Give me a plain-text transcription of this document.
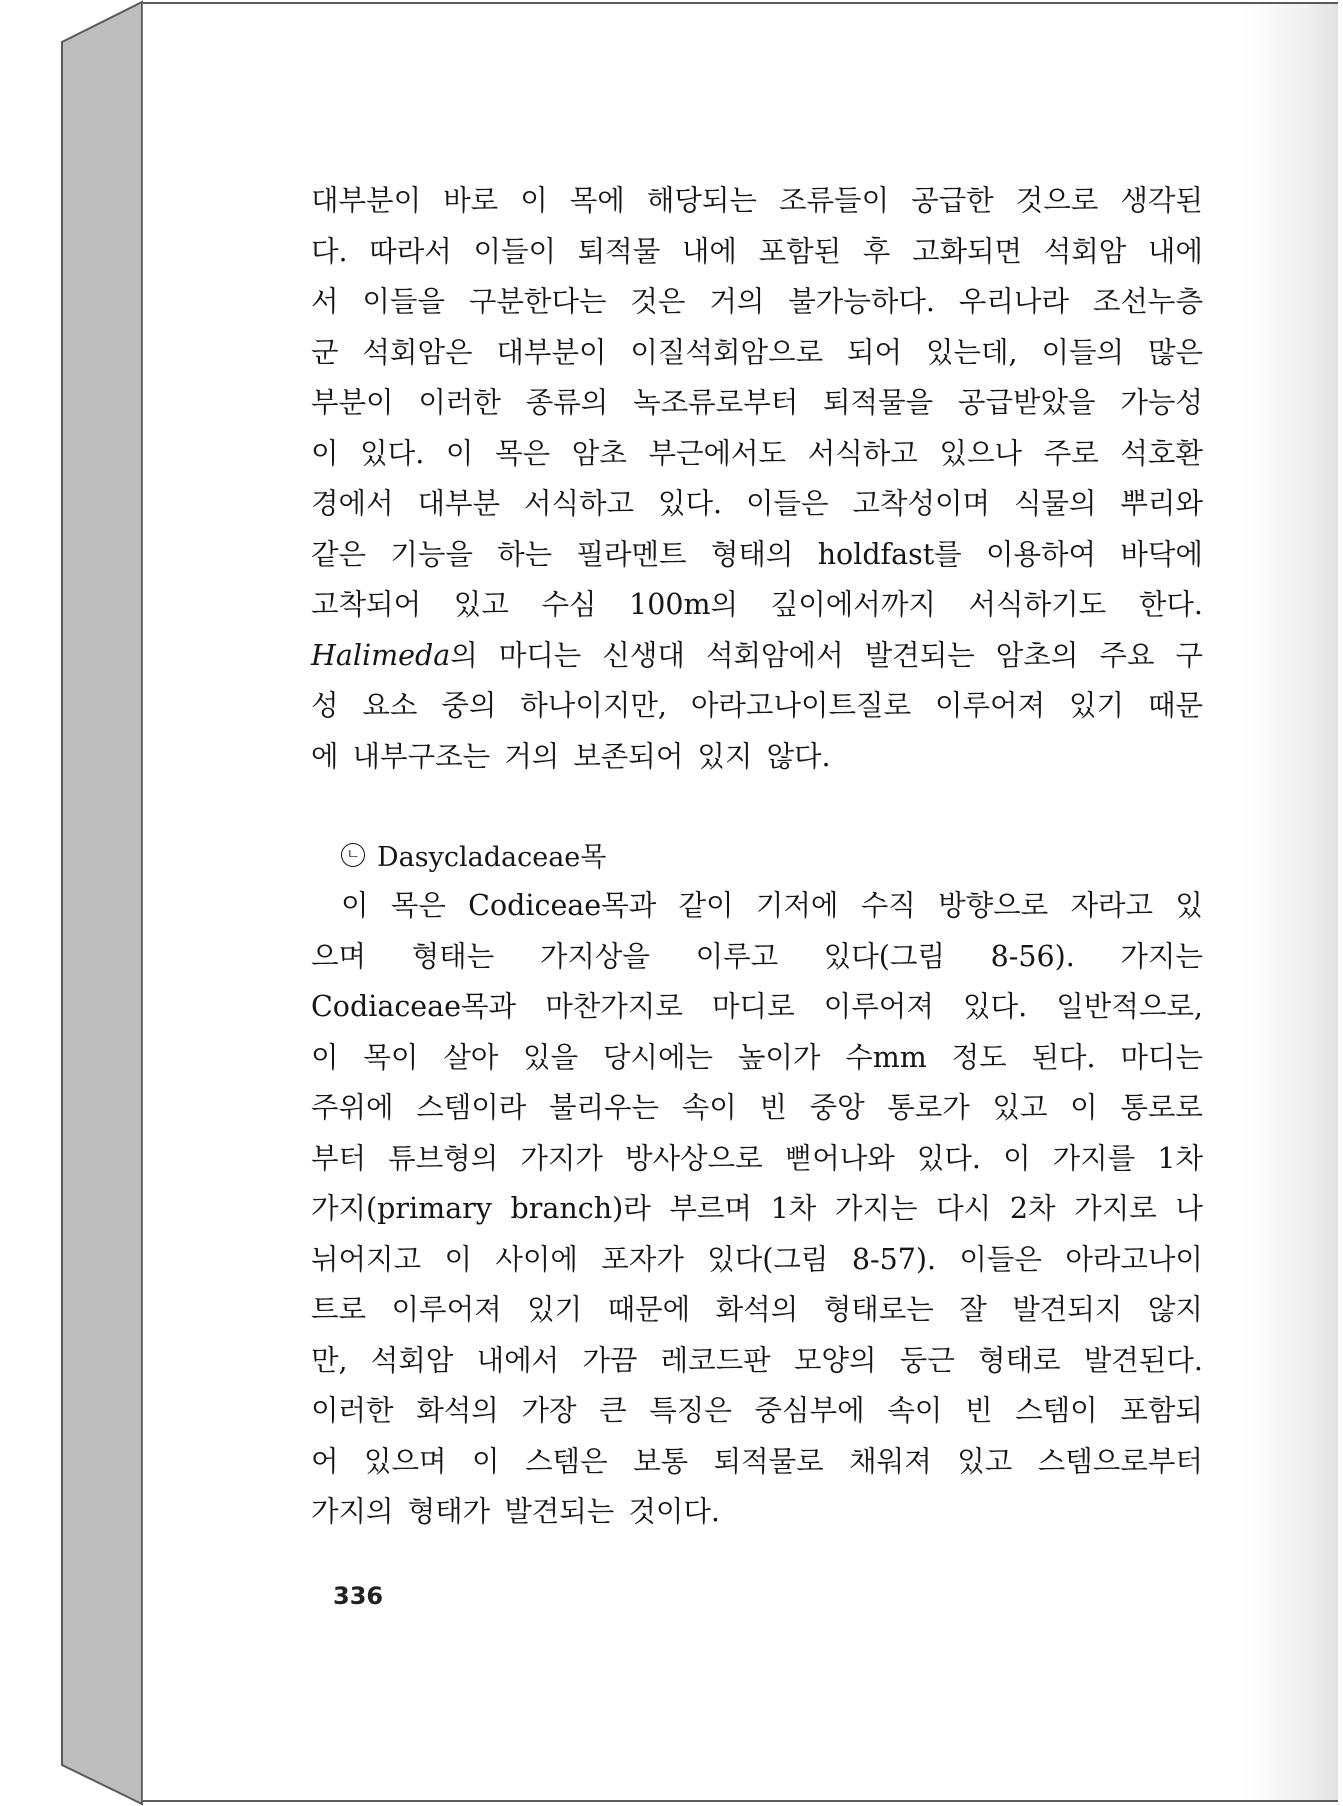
대부분이 바로 이 목에 해당되는 조류들이 공급한 것으로 생각된
다. 따라서 이들이 퇴적물 내에 포함된 후 고화되면 석회암 내에
서 이들을 구분한다는 것은 거의 불가능하다. 우리나라 조선누층
군 석회암은 대부분이 이질석회암으로 되어 있는데, 이들의 많은
부분이 이러한 종류의 녹조류로부터 퇴적물을 공급받았을 가능성
이 있다. 이 목은 암초 부근에서도 서식하고 있으나 주로 석호환
경에서 대부분 서식하고 있다. 이들은 고착성이며 식물의 뿌리와
같은 기능을 하는 필라멘트 형태의 holdfast를 이용하여 바닥에
고착되어 있고 수심 100m의 깊이에서까지 서식하기도 한다.
Halimeda의 마디는 신생대 석회암에서 발견되는 암초의 주요 구
성 요소 중의 하나이지만, 아라고나이트질로 이루어져 있기 때문
에 내부구조는 거의 보존되어 있지 않다.
ㄴ Dasycladaceae목
이 목은 Codiceae목과 같이 기저에 수직 방향으로 자라고 있
으며 형태는 가지상을 이루고 있다(그림 8-56). 가지는
Codiaceae목과 마찬가지로 마디로 이루어져 있다. 일반적으로,
이 목이 살아 있을 당시에는 높이가 수mm 정도 된다. 마디는
주위에 스템이라 불리우는 속이 빈 중앙 통로가 있고 이 통로로
부터 튜브형의 가지가 방사상으로 뻗어나와 있다. 이 가지를 1차
가지(primary branch)라 부르며 1차 가지는 다시 2차 가지로 나
뉘어지고 이 사이에 포자가 있다(그림 8-57). 이들은 아라고나이
트로 이루어져 있기 때문에 화석의 형태로는 잘 발견되지 않지
만, 석회암 내에서 가끔 레코드판 모양의 둥근 형태로 발견된다.
이러한 화석의 가장 큰 특징은 중심부에 속이 빈 스템이 포함되
어 있으며 이 스템은 보통 퇴적물로 채워져 있고 스템으로부터
가지의 형태가 발견되는 것이다.
336
